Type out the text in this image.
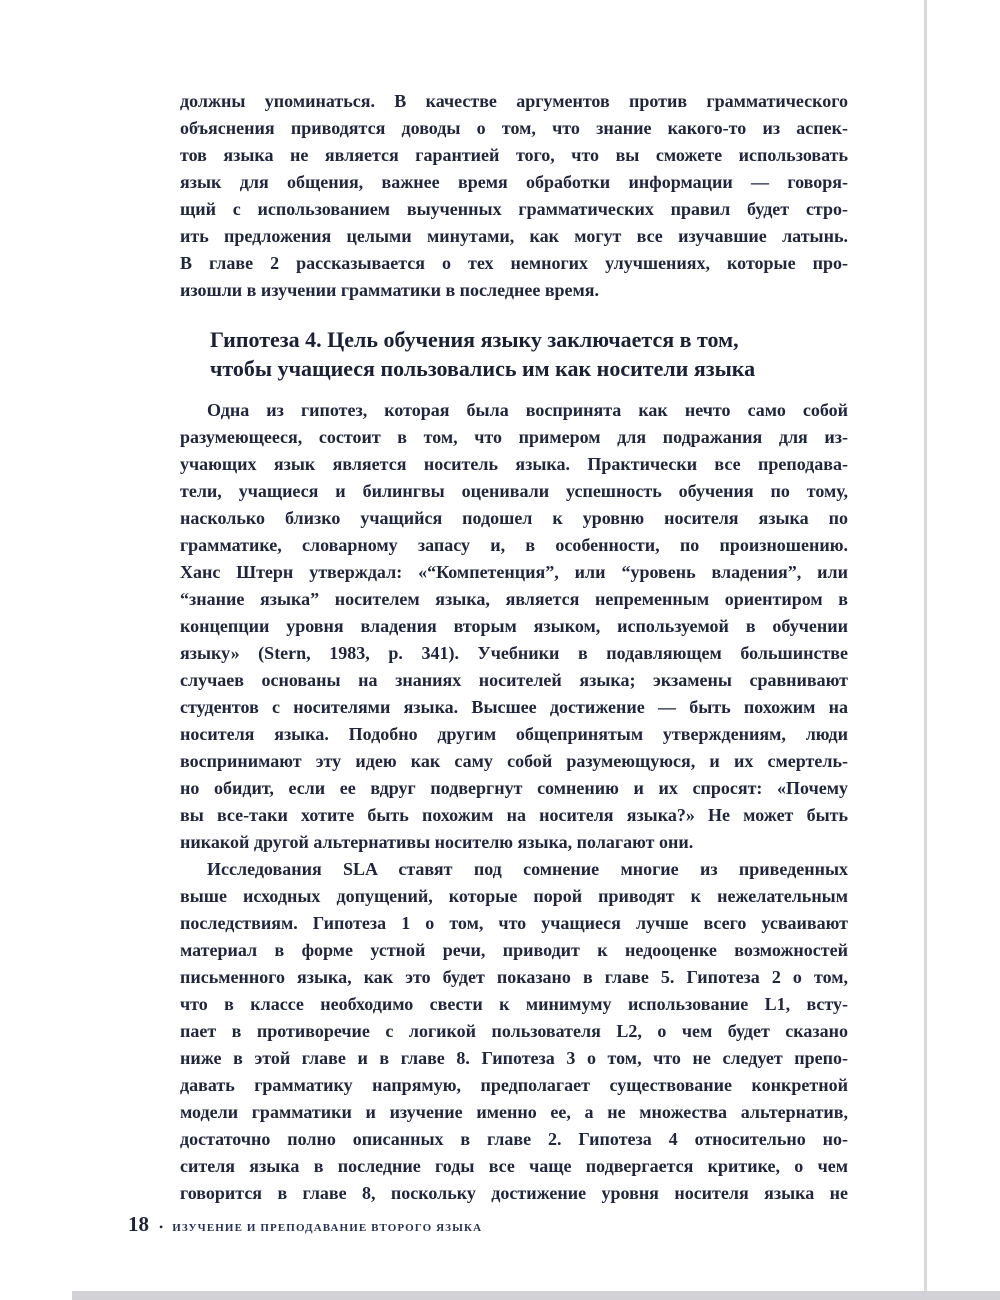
должны упоминаться. В качестве аргументов против грамматического
объяснения приводятся доводы о том, что знание какого-то из аспек-
тов языка не является гарантией того, что вы сможете использовать
язык для общения, важнее время обработки информации — говоря-
щий с использованием выученных грамматических правил будет стро-
ить предложения целыми минутами, как могут все изучавшие латынь.
В главе 2 рассказывается о тех немногих улучшениях, которые про-
изошли в изучении грамматики в последнее время.
Гипотеза 4. Цель обучения языку заключается в том,
чтобы учащиеся пользовались им как носители языка
Одна из гипотез, которая была воспринята как нечто само собой
разумеющееся, состоит в том, что примером для подражания для из-
учающих язык является носитель языка. Практически все преподава-
тели, учащиеся и билингвы оценивали успешность обучения по тому,
насколько близко учащийся подошел к уровню носителя языка по
грамматике, словарному запасу и, в особенности, по произношению.
Ханс Штерн утверждал: «“Компетенция”, или “уровень владения”, или
“знание языка” носителем языка, является непременным ориентиром в
концепции уровня владения вторым языком, используемой в обучении
языку» (Stern, 1983, p. 341). Учебники в подавляющем большинстве
случаев основаны на знаниях носителей языка; экзамены сравнивают
студентов с носителями языка. Высшее достижение — быть похожим на
носителя языка. Подобно другим общепринятым утверждениям, люди
воспринимают эту идею как саму собой разумеющуюся, и их смертель-
но обидит, если ее вдруг подвергнут сомнению и их спросят: «Почему
вы все-таки хотите быть похожим на носителя языка?» Не может быть
никакой другой альтернативы носителю языка, полагают они.
Исследования SLA ставят под сомнение многие из приведенных
выше исходных допущений, которые порой приводят к нежелательным
последствиям. Гипотеза 1 о том, что учащиеся лучше всего усваивают
материал в форме устной речи, приводит к недооценке возможностей
письменного языка, как это будет показано в главе 5. Гипотеза 2 о том,
что в классе необходимо свести к минимуму использование L1, всту-
пает в противоречие с логикой пользователя L2, о чем будет сказано
ниже в этой главе и в главе 8. Гипотеза 3 о том, что не следует препо-
давать грамматику напрямую, предполагает существование конкретной
модели грамматики и изучение именно ее, а не множества альтернатив,
достаточно полно описанных в главе 2. Гипотеза 4 относительно но-
сителя языка в последние годы все чаще подвергается критике, о чем
говорится в главе 8, поскольку достижение уровня носителя языка не
18 • ИЗУЧЕНИЕ И ПРЕПОДАВАНИЕ ВТОРОГО ЯЗЫКА
